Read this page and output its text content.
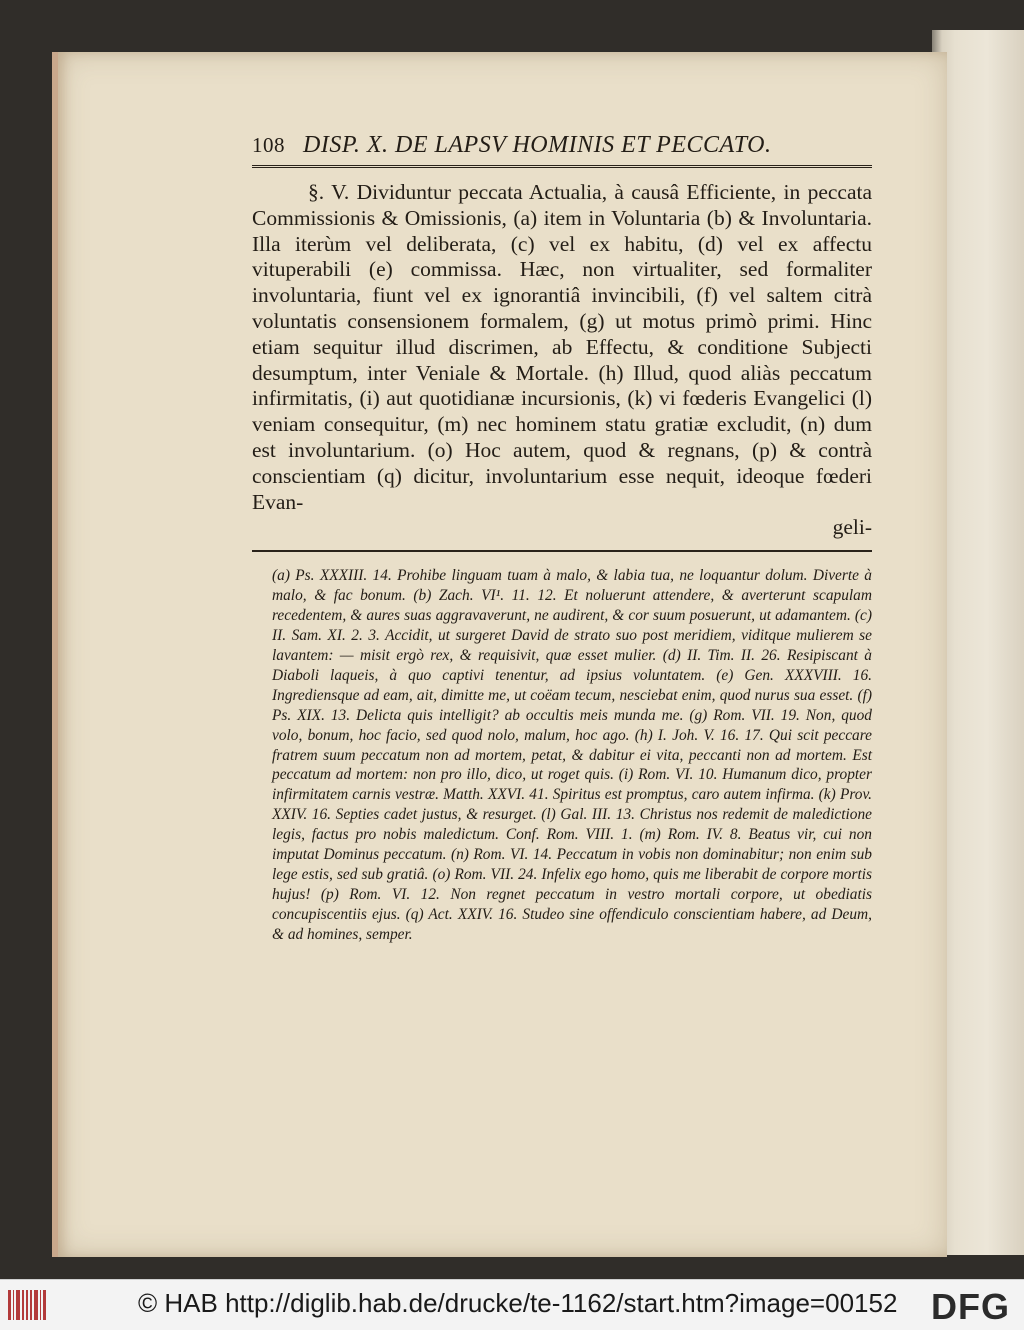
108 DISP. X. DE LAPSV HOMINIS ET PECCATO.

§. V. Dividuntur peccata Actualia, à causâ Efficiente, in peccata Commissionis & Omissionis, (a) item in Voluntaria (b) & Involuntaria. Illa iterùm vel deliberata, (c) vel ex habitu, (d) vel ex affectu vituperabili (e) commissa. Hæc, non virtualiter, sed formaliter involuntaria, fiunt vel ex ignorantiâ invincibili, (f) vel saltem citrà voluntatis consensionem formalem, (g) ut motus primò primi. Hinc etiam sequitur illud discrimen, ab Effectu, & conditione Subjecti desumptum, inter Veniale & Mortale. (h) Illud, quod aliàs peccatum infirmitatis, (i) aut quotidianæ incursionis, (k) vi fœderis Evangelici (l) veniam consequitur, (m) nec hominem statu gratiæ excludit, (n) dum est involuntarium. (o) Hoc autem, quod & regnans, (p) & contrà conscientiam (q) dicitur, involuntarium esse nequit, ideoque fœderi Evan-

geli-

(a) Ps. XXXIII. 14. Prohibe linguam tuam à malo, & labia tua, ne loquantur dolum. Diverte à malo, & fac bonum. (b) Zach. VI¹. 11. 12. Et noluerunt attendere, & averterunt scapulam recedentem, & aures suas aggravaverunt, ne audirent, & cor suum posuerunt, ut adamantem. (c) II. Sam. XI. 2. 3. Accidit, ut surgeret David de strato suo post meridiem, viditque mulierem se lavantem: — misit ergò rex, & requisivit, quæ esset mulier. (d) II. Tim. II. 26. Resipiscant à Diaboli laqueis, à quo captivi tenentur, ad ipsius voluntatem. (e) Gen. XXXVIII. 16. Ingrediensque ad eam, ait, dimitte me, ut coëam tecum, nesciebat enim, quod nurus sua esset. (f) Ps. XIX. 13. Delicta quis intelligit? ab occultis meis munda me. (g) Rom. VII. 19. Non, quod volo, bonum, hoc facio, sed quod nolo, malum, hoc ago. (h) I. Joh. V. 16. 17. Qui scit peccare fratrem suum peccatum non ad mortem, petat, & dabitur ei vita, peccanti non ad mortem. Est peccatum ad mortem: non pro illo, dico, ut roget quis. (i) Rom. VI. 10. Humanum dico, propter infirmitatem carnis vestræ. Matth. XXVI. 41. Spiritus est promptus, caro autem infirma. (k) Prov. XXIV. 16. Septies cadet justus, & resurget. (l) Gal. III. 13. Christus nos redemit de maledictione legis, factus pro nobis maledictum. Conf. Rom. VIII. 1. (m) Rom. IV. 8. Beatus vir, cui non imputat Dominus peccatum. (n) Rom. VI. 14. Peccatum in vobis non dominabitur; non enim sub lege estis, sed sub gratiâ. (o) Rom. VII. 24. Infelix ego homo, quis me liberabit de corpore mortis hujus! (p) Rom. VI. 12. Non regnet peccatum in vestro mortali corpore, ut obediatis concupiscentiis ejus. (q) Act. XXIV. 16. Studeo sine offendiculo conscientiam habere, ad Deum, & ad homines, semper.

© HAB http://diglib.hab.de/drucke/te-1162/start.htm?image=00152 DFG
